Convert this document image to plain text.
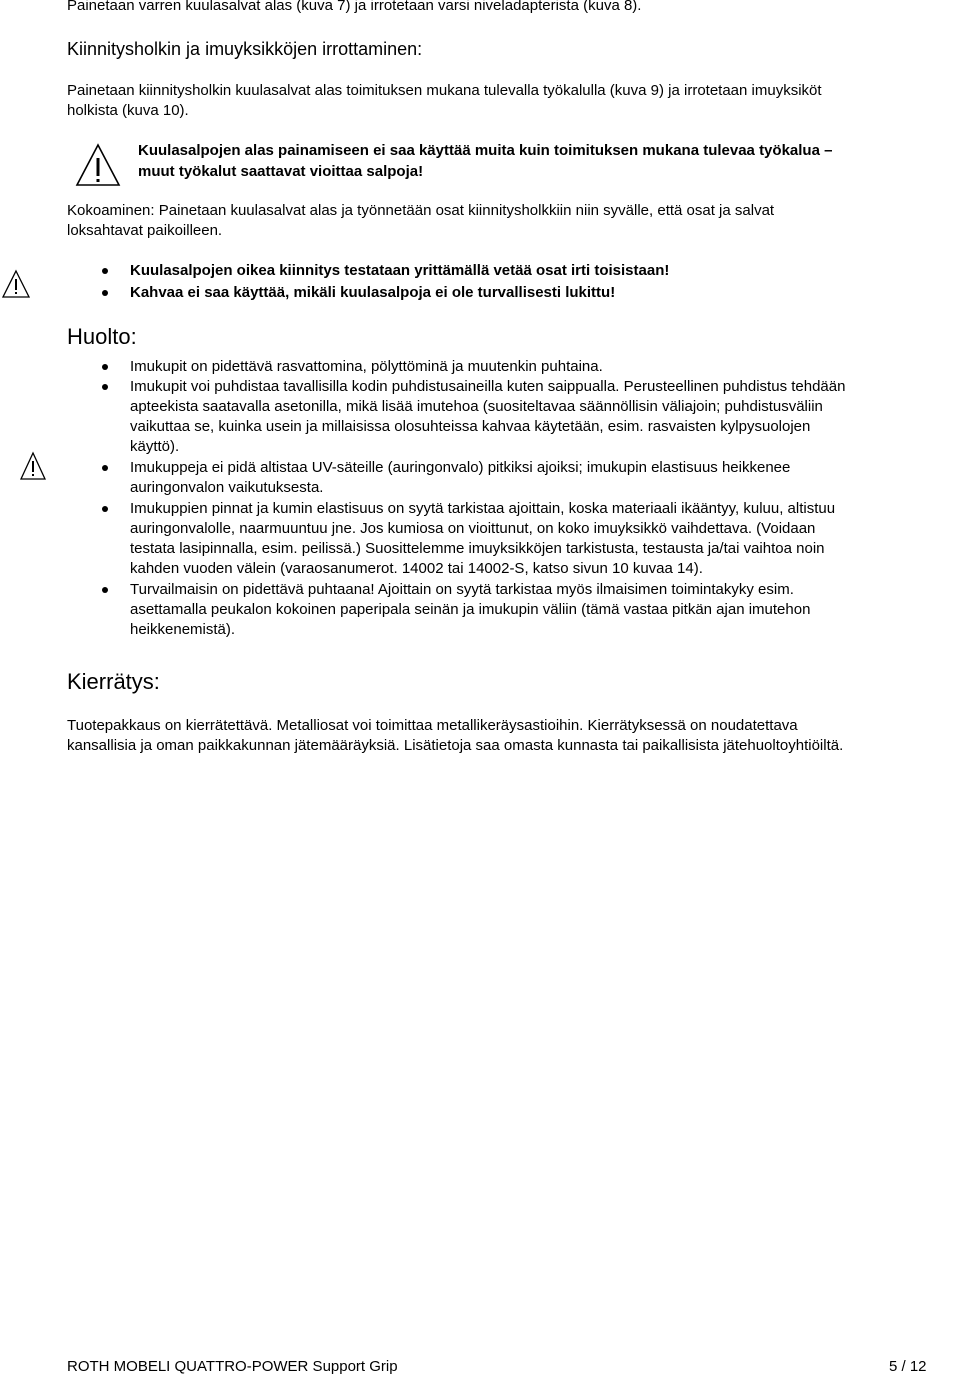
Painetaan varren kuulasalvat alas (kuva 7) ja irrotetaan varsi niveladapterista (kuva 8).
Kiinnitysholkin ja imuyksikköjen irrottaminen:
Painetaan kiinnitysholkin kuulasalvat alas toimituksen mukana tulevalla työkalulla (kuva 9) ja irrotetaan imuyksiköt
holkista (kuva 10).
Kuulasalpojen alas painamiseen ei saa käyttää muita kuin toimituksen mukana tulevaa työkalua –
muut työkalut saattavat vioittaa salpoja!
Kokoaminen: Painetaan kuulasalvat alas ja työnnetään osat kiinnitysholkkiin niin syvälle, että osat ja salvat
loksahtavat paikoilleen.
Kuulasalpojen oikea kiinnitys testataan yrittämällä vetää osat irti toisistaan!
Kahvaa ei saa käyttää, mikäli kuulasalpoja ei ole turvallisesti lukittu!
Huolto:
Imukupit on pidettävä rasvattomina, pölyttöminä ja muutenkin puhtaina.
Imukupit voi puhdistaa tavallisilla kodin puhdistusaineilla kuten saippualla. Perusteellinen puhdistus tehdään
apteekista saatavalla asetonilla, mikä lisää imutehoa (suositeltavaa säännöllisin väliajoin; puhdistusväliin
vaikuttaa se, kuinka usein ja millaisissa olosuhteissa kahvaa käytetään, esim. rasvaisten kylpysuolojen
käyttö).
Imukuppeja ei pidä altistaa UV-säteille (auringonvalo) pitkiksi ajoiksi; imukupin elastisuus heikkenee
auringonvalon vaikutuksesta.
Imukuppien pinnat ja kumin elastisuus on syytä tarkistaa ajoittain, koska materiaali ikääntyy, kuluu, altistuu
auringonvalolle, naarmuuntuu jne. Jos kumiosa on vioittunut, on koko imuyksikkö vaihdettava. (Voidaan
testata lasipinnalla, esim. peilissä.) Suosittelemme imuyksikköjen tarkistusta, testausta ja/tai vaihtoa noin
kahden vuoden välein (varaosanumerot. 14002 tai 14002-S, katso sivun 10 kuvaa 14).
Turvailmaisin on pidettävä puhtaana! Ajoittain on syytä tarkistaa myös ilmaisimen toimintakyky esim.
asettamalla peukalon kokoinen paperipala seinän ja imukupin väliin (tämä vastaa pitkän ajan imutehon
heikkenemistä).
Kierrätys:
Tuotepakkaus on kierrätettävä. Metalliosat voi toimittaa metallikeräysastioihin. Kierrätyksessä on noudatettava
kansallisia ja oman paikkakunnan jätemääräyksiä. Lisätietoja saa omasta kunnasta tai paikallisista jätehuoltoyhtiöiltä.
ROTH MOBELI QUATTRO-POWER Support Grip	5 / 12
